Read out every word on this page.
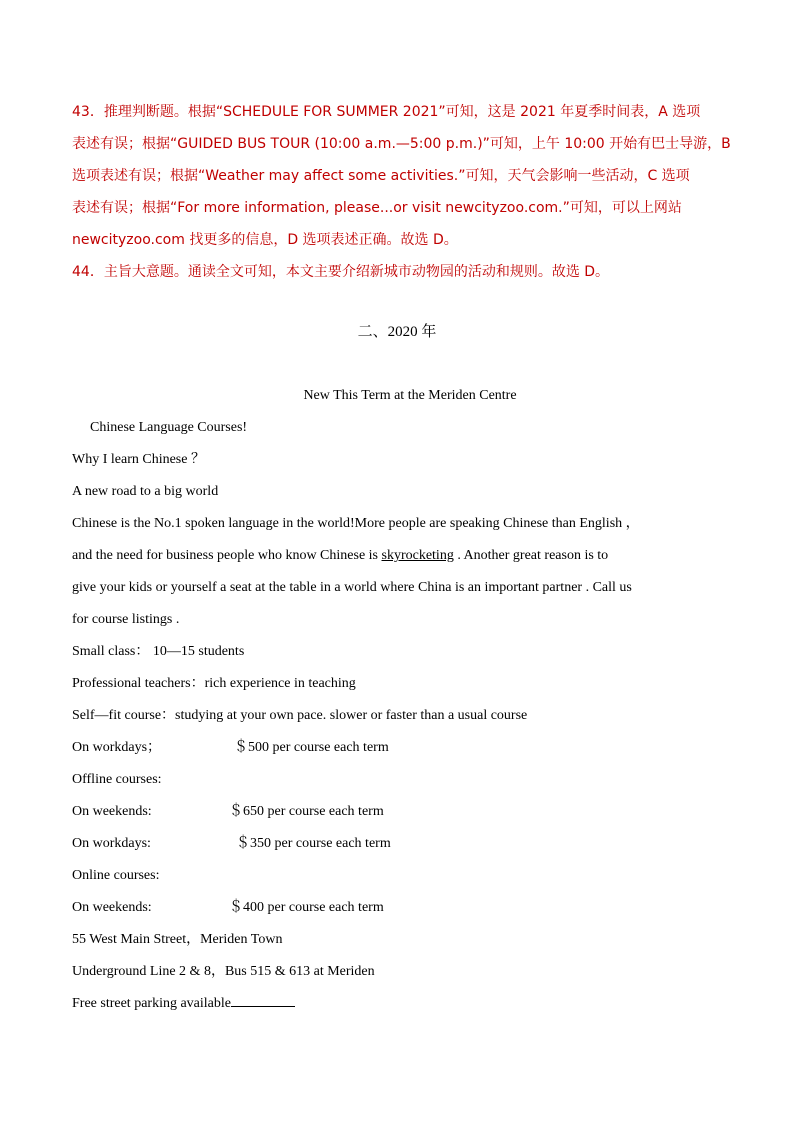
43．推理判断题。根据“SCHEDULE FOR SUMMER 2021”可知，这是 2021 年夏季时间表，A 选项

表述有误；根据“GUIDED BUS TOUR (10:00 a.m.—5:00 p.m.)”可知，上午 10:00 开始有巴士导游，B

选项表述有误；根据“Weather may affect some activities.”可知，天气会影响一些活动，C 选项

表述有误；根据“For more information, please...or visit newcityzoo.com.”可知，可以上网站

newcityzoo.com 找更多的信息，D 选项表述正确。故选 D。

44．主旨大意题。通读全文可知，本文主要介绍新城市动物园的活动和规则。故选 D。

二、2020 年
New This Term at the Meriden Centre
Chinese Language Courses!
Why I learn Chinese ？
A new road to a big world
Chinese is the No.1 spoken language in the world!More people are speaking Chinese than English ，
and the need for business people who know Chinese is skyrocketing . Another great reason is to
give your kids or yourself a seat at the table in a world where China is an important partner . Call us
for course listings .
Small class： 10—15 students
Professional teachers：rich experience in teaching
Self—fit course：studying at your own pace. slower or faster than a usual course
On workdays；	＄500 per course each term
Offline courses:
On weekends:	＄650 per course each term
On workdays:	＄350 per course each term
Online courses:
On weekends:	＄400 per course each term
55 West Main Street，Meriden Town
Underground Line 2 & 8，Bus 515 & 613 at Meriden
Free street parking available
